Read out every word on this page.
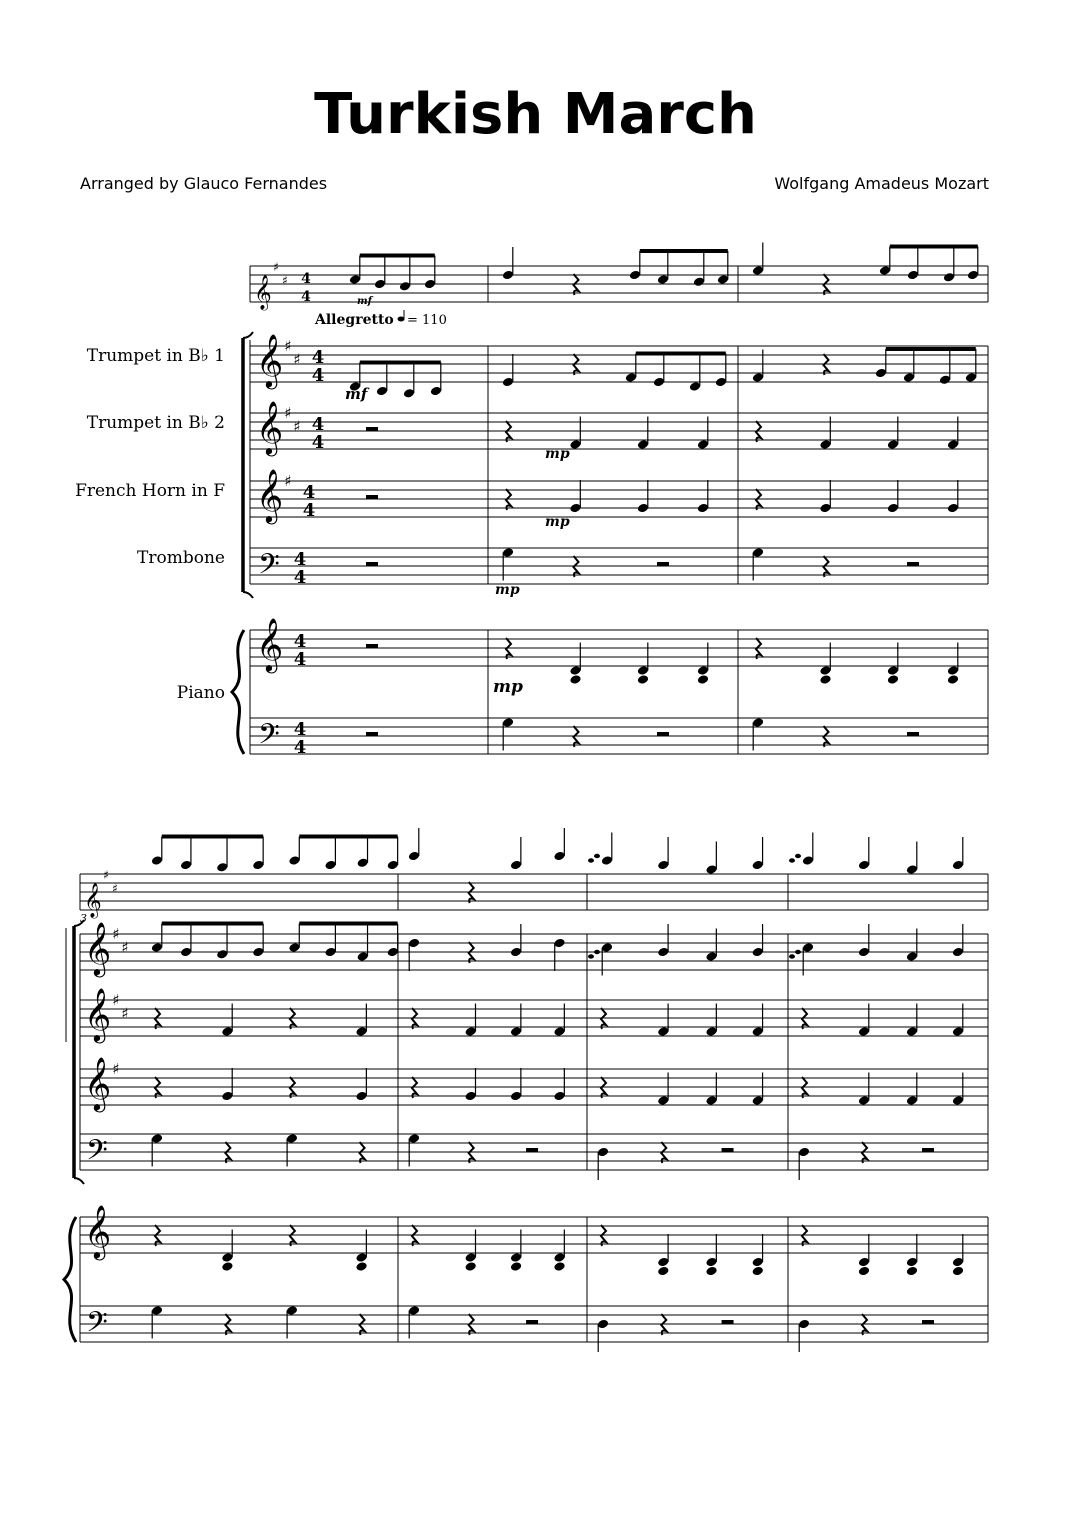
Turkish March
Arranged by Glauco Fernandes	Wolfgang Amadeus Mozart
𝄞
♯
♯ 4
4
𝄞 ♯
♯ 4
4
𝄞 ♯
♯ 4
4
𝄞 ♯
4
4
𝄢 4
4
𝄞 4
4
𝄢 4
4
mf
Allegretto = 110
mf
mp
mp
mp
mp
Trumpet in B♭ 1
Trumpet in B♭ 2
French Horn in F
Trombone
Piano
3
𝄞
♯
♯
𝄞 ♯
♯
𝄞 ♯
♯
𝄞 ♯
𝄢
𝄞
𝄢
